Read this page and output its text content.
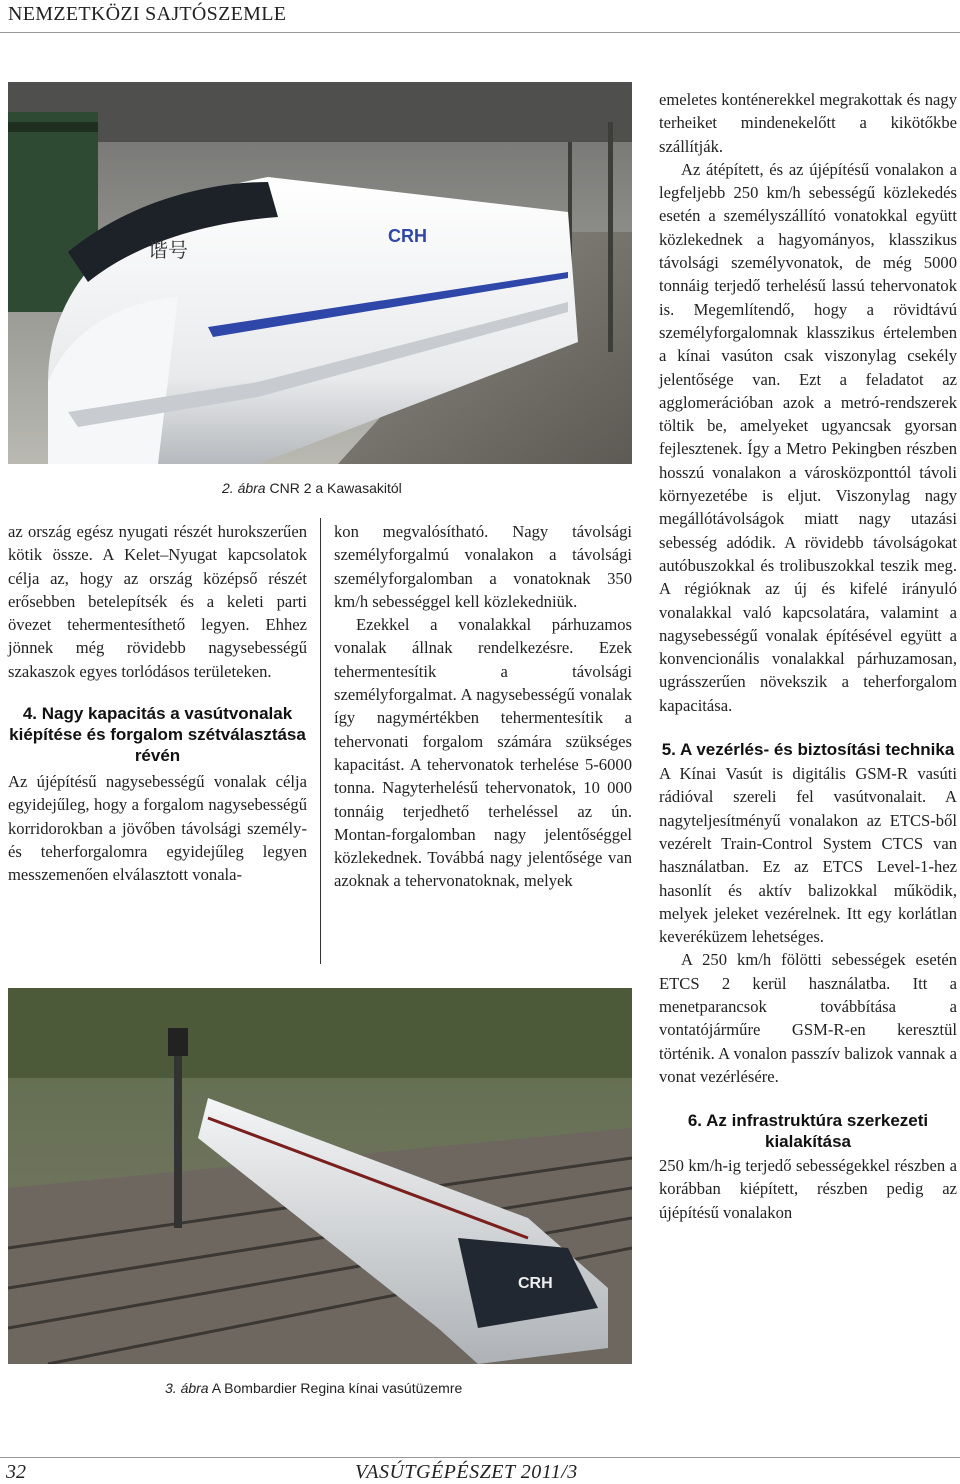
NEMZETKÖZI SAJTÓSZEMLE
谐号
CRH
2. ábra CNR 2 a Kawasakitól

az ország egész nyugati részét hurokszerűen kötik össze. A Kelet–Nyugat kapcsolatok célja az, hogy az ország középső részét erősebben betelepítsék és a keleti parti övezet tehermentesíthető legyen. Ehhez jönnek még rövidebb nagysebességű szakaszok egyes torlódásos területeken.

4. Nagy kapacitás a vasútvonalak kiépítése és forgalom szétválasztása révén

Az újépítésű nagysebességű vonalak célja egyidejűleg, hogy a forgalom nagysebességű korridorokban a jövőben távolsági személy- és teherforgalomra egyidejűleg legyen messzemenően elválasztott vonala-

kon megvalósítható. Nagy távolsági személyforgalmú vonalakon a távolsági személyforgalomban a vonatoknak 350 km/h sebességgel kell közlekedniük.

Ezekkel a vonalakkal párhuzamos vonalak állnak rendelkezésre. Ezek tehermentesítik a távolsági személyforgalmat. A nagysebességű vonalak így nagymértékben tehermentesítik a tehervonati forgalom számára szükséges kapacitást. A tehervonatok terhelése 5-6000 tonna. Nagyterhelésű tehervonatok, 10 000 tonnáig terjedhető terheléssel az ún. Montan-forgalomban nagy jelentőséggel közlekednek. Továbbá nagy jelentősége van azoknak a tehervonatoknak, melyek

CRH
3. ábra A Bombardier Regina kínai vasútüzemre

emeletes konténerekkel megrakottak és nagy terheiket mindenekelőtt a kikötőkbe szállítják.

Az átépített, és az újépítésű vonalakon a legfeljebb 250 km/h sebességű közlekedés esetén a személyszállító vonatokkal együtt közlekednek a hagyományos, klasszikus távolsági személyvonatok, de még 5000 tonnáig terjedő terhelésű lassú tehervonatok is. Megemlítendő, hogy a rövidtávú személyforgalomnak klasszikus értelemben a kínai vasúton csak viszonylag csekély jelentősége van. Ezt a feladatot az agglomerációban azok a metró-rendszerek töltik be, amelyeket ugyancsak gyorsan fejlesztenek. Így a Metro Pekingben részben hosszú vonalakon a városközponttól távoli környezetébe is eljut. Viszonylag nagy megállótávolságok miatt nagy utazási sebesség adódik. A rövidebb távolságokat autóbuszokkal és trolibuszokkal teszik meg. A régióknak az új és kifelé irányuló vonalakkal való kapcsolatára, valamint a nagysebességű vonalak építésével együtt a konvencionális vonalakkal párhuzamosan, ugrásszerűen növekszik a teherforgalom kapacitása.

5. A vezérlés- és biztosítási technika

A Kínai Vasút is digitális GSM-R vasúti rádióval szereli fel vasútvonalait. A nagyteljesítményű vonalakon az ETCS-ből vezérelt Train-Control System CTCS van használatban. Ez az ETCS Level-1-hez hasonlít és aktív balizokkal működik, melyek jeleket vezérelnek. Itt egy korlátlan keveréküzem lehetséges.

A 250 km/h fölötti sebességek esetén ETCS 2 kerül használatba. Itt a menetparancsok továbbítása a vontatójárműre GSM-R-en keresztül történik. A vonalon passzív balizok vannak a vonat vezérlésére.

6. Az infrastruktúra szerkezeti kialakítása

250 km/h-ig terjedő sebességekkel részben a korábban kiépített, részben pedig az újépítésű vonalakon

32	VASÚTGÉPÉSZET 2011/3
